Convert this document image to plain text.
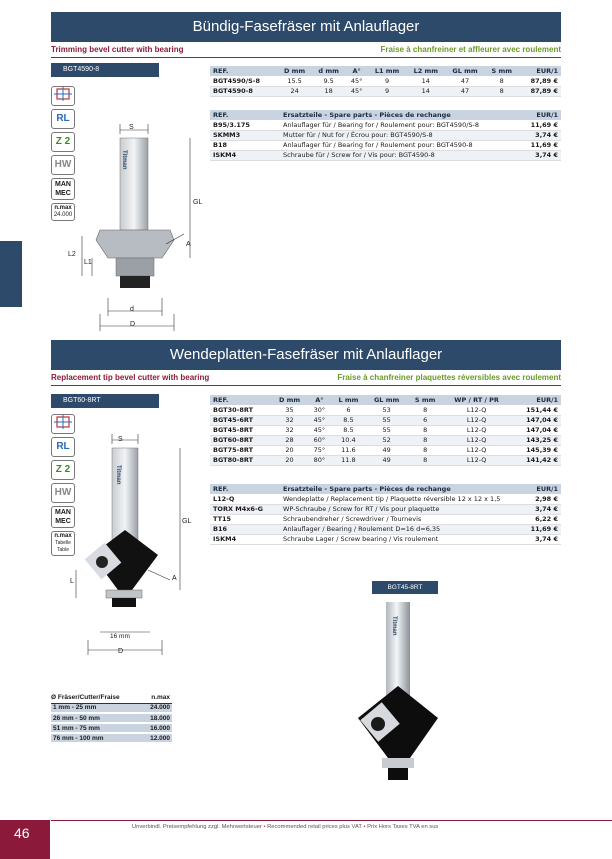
Bündig-Fasefräser mit Anlauflager
Trimming bevel cutter with bearing	Fraise à chanfreiner et affleurer avec roulement
BGT4590-8
RL
Z 2
HW
MAN
MEC
n.max
24.000
S
GL
A
L2
L1
d
D
Titman
REF.	D mm	d mm	A°	L1 mm	L2 mm	GL mm	S mm	EUR/1
BGT4590/S-8	15.5	9.5	45°	9	14	47	8	87,89 €
BGT4590-8	24	18	45°	9	14	47	8	87,89 €
REF.	Ersatzteile - Spare parts - Pièces de rechange	EUR/1
B95/3.175	Anlauflager für / Bearing for / Roulement pour: BGT4590/S-8	11,69 €
SKMM3	Mutter für / Nut for / Écrou pour: BGT4590/S-8	3,74 €
B18	Anlauflager für / Bearing for / Roulement pour: BGT4590-8	11,69 €
ISKM4	Schraube für / Screw for / Vis pour: BGT4590-8	3,74 €
Wendeplatten-Fasefräser mit Anlauflager
Replacement tip bevel cutter with bearing	Fraise à chanfreiner plaquettes réversibles avec roulement
BGT60-8RT
RL
Z 2
HW
MAN
MEC
n.max
Tabelle Table
S
GL
A
L
16 mm
D
Titman
REF.	D mm	A°	L mm	GL mm	S mm	WP / RT / PR	EUR/1
BGT30-8RT	35	30°	6	53	8	L12-Q	151,44 €
BGT45-6RT	32	45°	8.5	55	6	L12-Q	147,04 €
BGT45-8RT	32	45°	8.5	55	8	L12-Q	147,04 €
BGT60-8RT	28	60°	10.4	52	8	L12-Q	143,25 €
BGT75-8RT	20	75°	11.6	49	8	L12-Q	145,39 €
BGT80-8RT	20	80°	11.8	49	8	L12-Q	141,42 €
REF.	Ersatzteile - Spare parts - Pièces de rechange	EUR/1
L12-Q	Wendeplatte / Replacement tip / Plaquette réversible 12 x 12 x 1,5	2,98 €
TORX M4x6-G	WP-Schraube / Screw for RT / Vis pour plaquette	3,74 €
TT15	Schraubendreher / Screwdriver / Tournevis	6,22 €
B16	Anlauflager / Bearing / Roulement D=16 d=6,35	11,69 €
ISKM4	Schraube Lager / Screw bearing / Vis roulement	3,74 €
BGT45-8RT
Titman
Ø Fräser/Cutter/Fraise	n.max
1 mm - 25 mm	24.000
26 mm - 50 mm	18.000
51 mm - 75 mm	16.000
76 mm - 100 mm	12.000
46	Unverbindl. Preisempfehlung zzgl. Mehrwertsteuer • Recommended retail prices plus VAT • Prix Hors Taxes TVA en sus
